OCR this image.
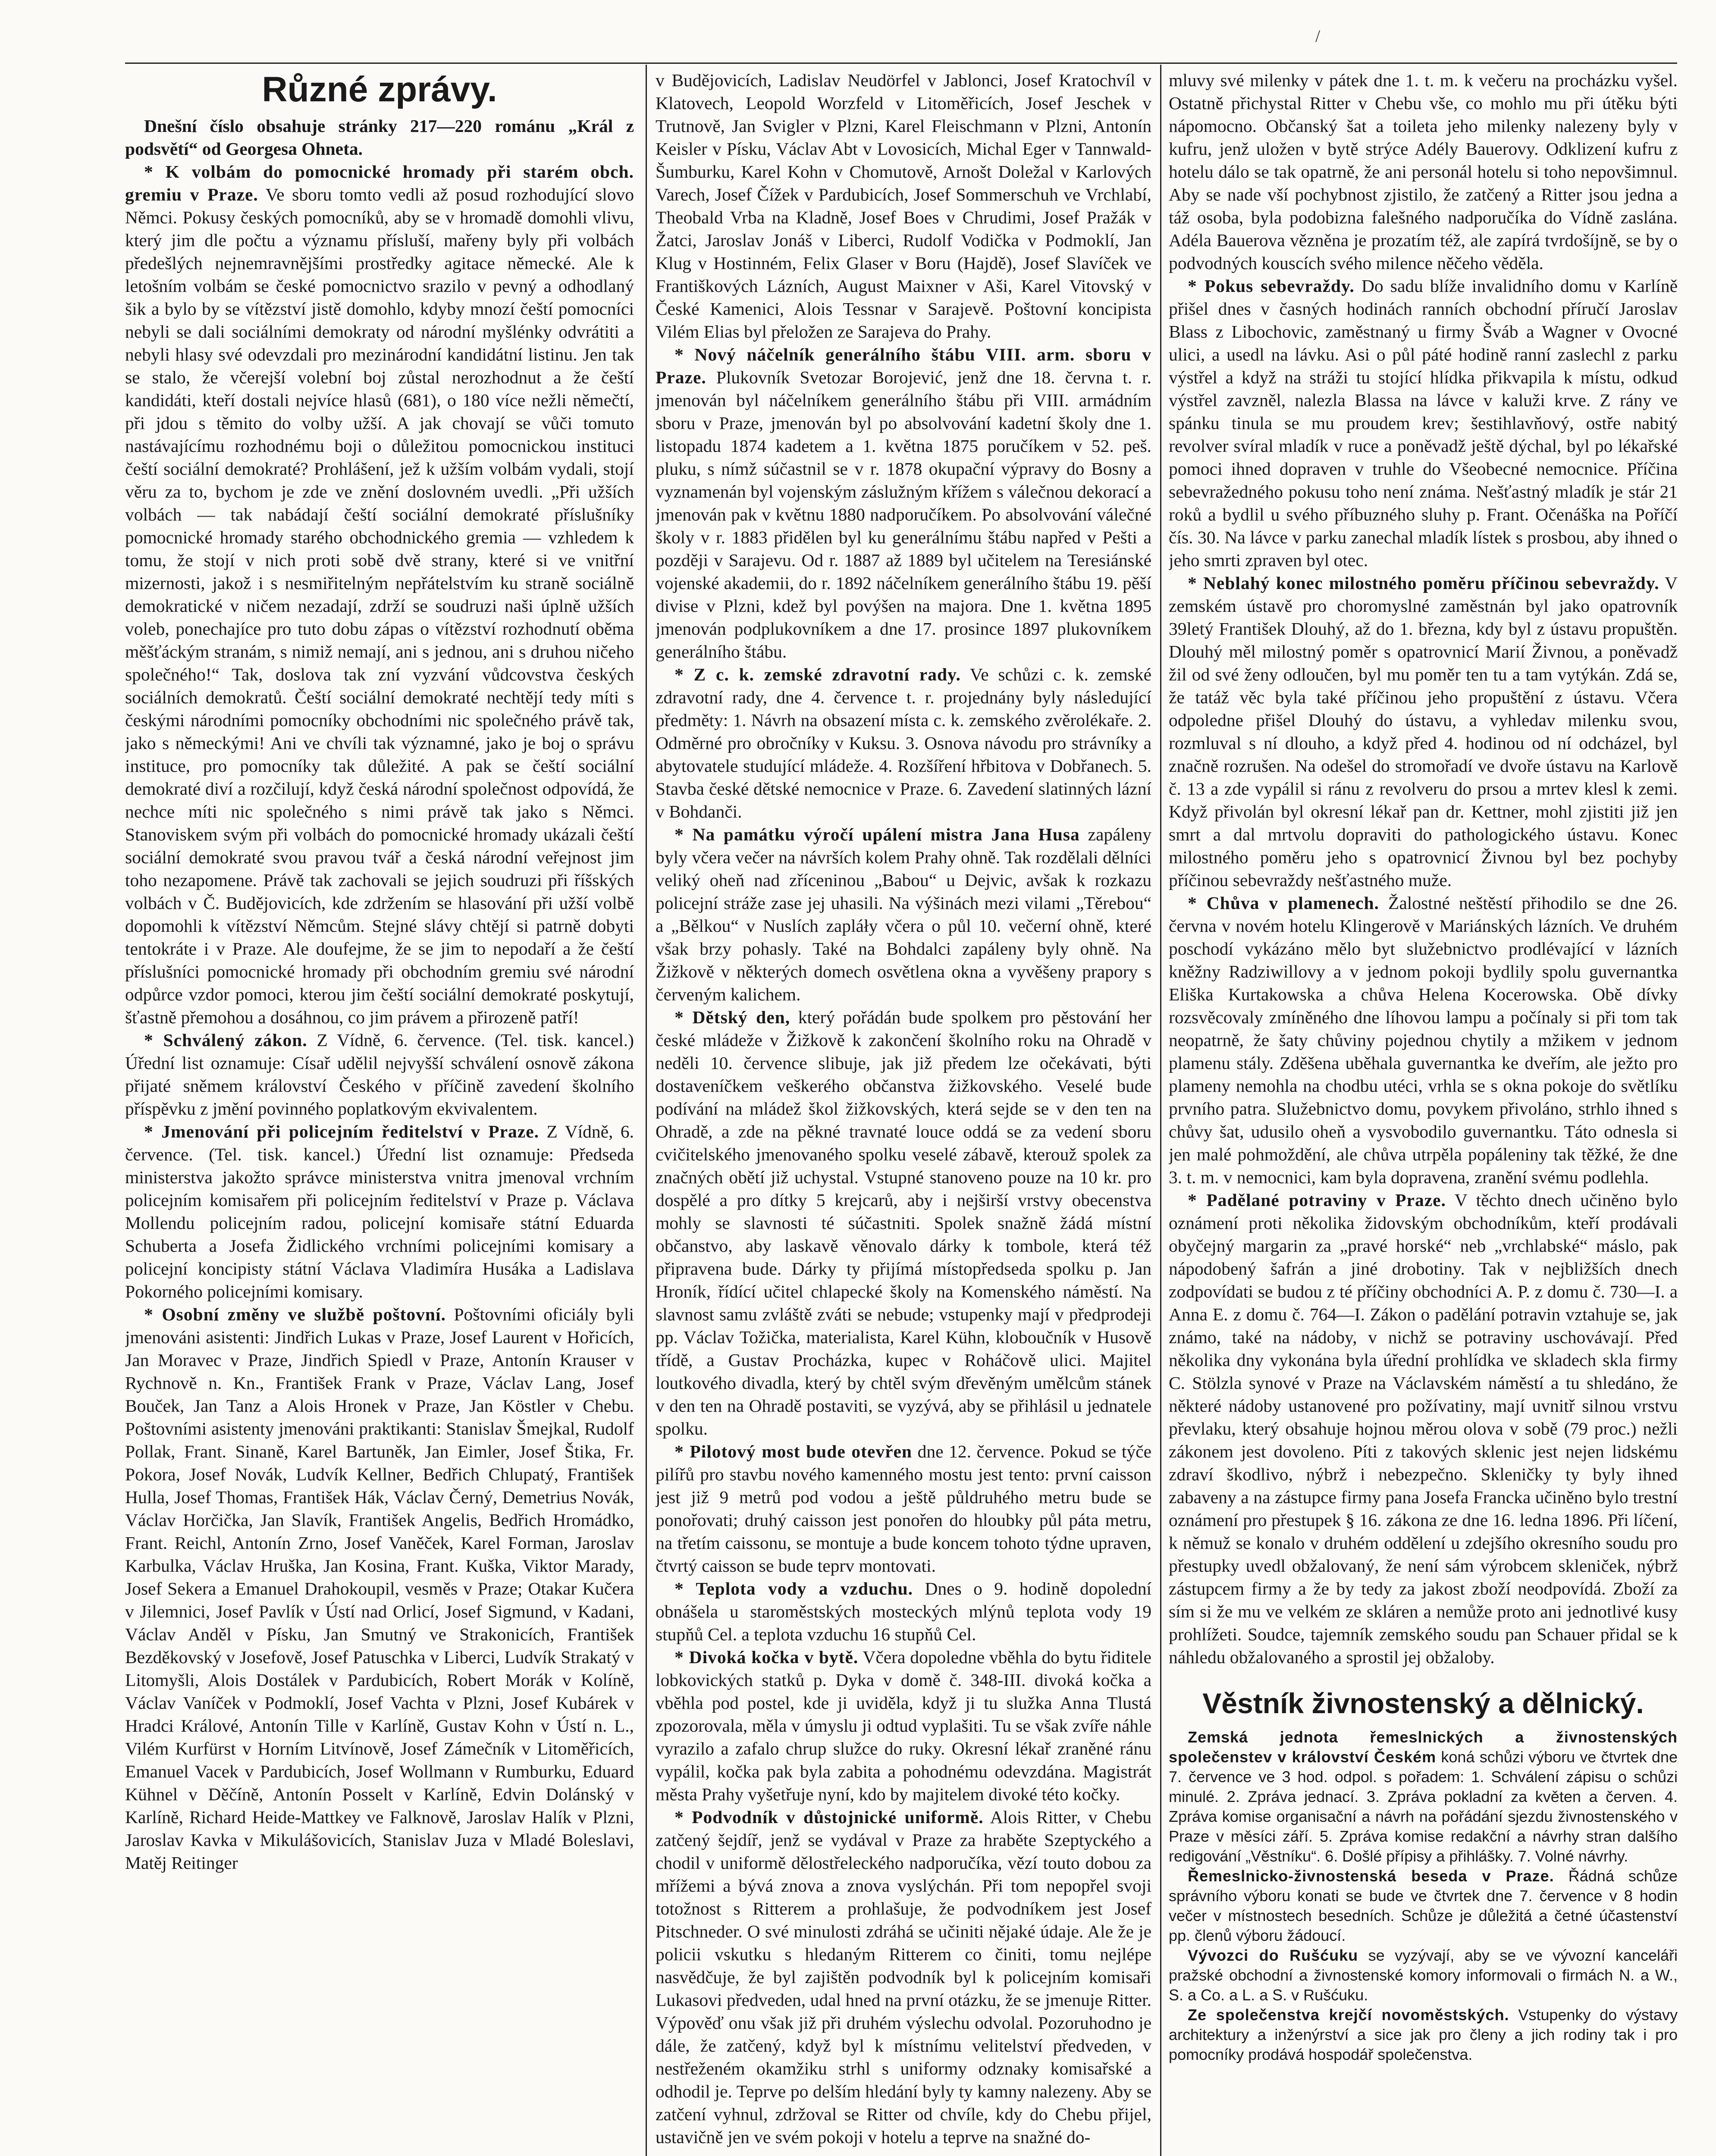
/
Různé zprávy.

Dnešní číslo obsahuje stránky 217—220 románu „Král z podsvětí“ od Georgesa Ohneta.

* K volbám do pomocnické hromady při starém obch. gremiu v Praze. Ve sboru tomto vedli až posud rozhodující slovo Němci. Pokusy českých pomocníků, aby se v hromadě domohli vlivu, který jim dle počtu a významu přísluší, mařeny byly při volbách předešlých nejnemravnějšími prostředky agitace německé. Ale k letošním volbám se české pomocnictvo srazilo v pevný a odhodlaný šik a bylo by se vítězství jistě domohlo, kdyby mnozí čeští pomocníci nebyli se dali sociálními demokraty od národní myšlénky odvrátiti a nebyli hlasy své odevzdali pro mezinárodní kandidátní listinu. Jen tak se stalo, že včerejší volební boj zůstal nerozhodnut a že čeští kandidáti, kteří dostali nejvíce hlasů (681), o 180 více nežli němečtí, při jdou s těmito do volby užší. A jak chovají se vůči tomuto nastávajícímu rozhodnému boji o důležitou pomocnickou instituci čeští sociální demokraté? Prohlášení, jež k užším volbám vydali, stojí věru za to, bychom je zde ve znění doslovném uvedli. „Při užších volbách — tak nabádají čeští sociální demokraté příslušníky pomocnické hromady starého obchodnického gremia — vzhledem k tomu, že stojí v nich proti sobě dvě strany, které si ve vnitřní mizernosti, jakož i s nesmiřitelným nepřátelstvím ku straně sociálně demokratické v ničem nezadají, zdrží se soudruzi naši úplně užších voleb, ponechajíce pro tuto dobu zápas o vítězství rozhodnutí oběma měšťáckým stranám, s nimiž nemají, ani s jednou, ani s druhou ničeho společného!“ Tak, doslova tak zní vyzvání vůdcovstva českých sociálních demokratů. Čeští sociální demokraté nechtějí tedy míti s českými národními pomocníky obchodními nic společného právě tak, jako s německými! Ani ve chvíli tak významné, jako je boj o správu instituce, pro pomocníky tak důležité. A pak se čeští sociální demokraté diví a rozčilují, když česká národní společnost odpovídá, že nechce míti nic společného s nimi právě tak jako s Němci. Stanoviskem svým při volbách do pomocnické hromady ukázali čeští sociální demokraté svou pravou tvář a česká národní veřejnost jim toho nezapomene. Právě tak zachovali se jejich soudruzi při říšských volbách v Č. Budějovicích, kde zdržením se hlasování při užší volbě dopomohli k vítězství Němcům. Stejné slávy chtějí si patrně dobyti tentokráte i v Praze. Ale doufejme, že se jim to nepodaří a že čeští příslušníci pomocnické hromady při obchodním gremiu své národní odpůrce vzdor pomoci, kterou jim čeští sociální demokraté poskytují, šťastně přemohou a dosáhnou, co jim právem a přirozeně patří!

* Schválený zákon. Z Vídně, 6. července. (Tel. tisk. kancel.) Úřední list oznamuje: Císař udělil nejvyšší schválení osnově zákona přijaté sněmem království Českého v příčině zavedení školního příspěvku z jmění povinného poplatkovým ekvivalentem.

* Jmenování při policejním ředitelství v Praze. Z Vídně, 6. července. (Tel. tisk. kancel.) Úřední list oznamuje: Předseda ministerstva jakožto správce ministerstva vnitra jmenoval vrchním policejním komisařem při policejním ředitelství v Praze p. Václava Mollendu policejním radou, policejní komisaře státní Eduarda Schuberta a Josefa Židlického vrchními policejními komisary a policejní koncipisty státní Václava Vladimíra Husáka a Ladislava Pokorného policejními komisary.

* Osobní změny ve službě poštovní. Poštovními oficiály byli jmenováni asistenti: Jindřich Lukas v Praze, Josef Laurent v Hořicích, Jan Moravec v Praze, Jindřich Spiedl v Praze, Antonín Krauser v Rychnově n. Kn., František Frank v Praze, Václav Lang, Josef Bouček, Jan Tanz a Alois Hronek v Praze, Jan Köstler v Chebu. Poštovními asistenty jmenováni praktikanti: Stanislav Šmejkal, Rudolf Pollak, Frant. Sinaně, Karel Bartuněk, Jan Eimler, Josef Štika, Fr. Pokora, Josef Novák, Ludvík Kellner, Bedřich Chlupatý, František Hulla, Josef Thomas, František Hák, Václav Černý, Demetrius Novák, Václav Horčička, Jan Slavík, František Angelis, Bedřich Hromádko, Frant. Reichl, Antonín Zrno, Josef Vaněček, Karel Forman, Jaroslav Karbulka, Václav Hruška, Jan Kosina, Frant. Kuška, Viktor Marady, Josef Sekera a Emanuel Drahokoupil, vesměs v Praze; Otakar Kučera v Jilemnici, Josef Pavlík v Ústí nad Orlicí, Josef Sigmund, v Kadani, Václav Anděl v Písku, Jan Smutný ve Strakonicích, František Bezděkovský v Josefově, Josef Patuschka v Liberci, Ludvík Strakatý v Litomyšli, Alois Dostálek v Pardubicích, Robert Morák v Kolíně, Václav Vaníček v Podmoklí, Josef Vachta v Plzni, Josef Kubárek v Hradci Králové, Antonín Tille v Karlíně, Gustav Kohn v Ústí n. L., Vilém Kurfürst v Horním Litvínově, Josef Zámečník v Litoměřicích, Emanuel Vacek v Pardubicích, Josef Wollmann v Rumburku, Eduard Kühnel v Děčíně, Antonín Posselt v Karlíně, Edvin Dolánský v Karlíně, Richard Heide-Mattkey ve Falknově, Jaroslav Halík v Plzni, Jaroslav Kavka v Mikulášovicích, Stanislav Juza v Mladé Boleslavi, Matěj Reitinger

v Budějovicích, Ladislav Neudörfel v Jablonci, Josef Kratochvíl v Klatovech, Leopold Worzfeld v Litoměřicích, Josef Jeschek v Trutnově, Jan Svigler v Plzni, Karel Fleischmann v Plzni, Antonín Keisler v Písku, Václav Abt v Lovosicích, Michal Eger v Tannwald-Šumburku, Karel Kohn v Chomutově, Arnošt Doležal v Karlových Varech, Josef Čížek v Pardubicích, Josef Sommerschuh ve Vrchlabí, Theobald Vrba na Kladně, Josef Boes v Chrudimi, Josef Pražák v Žatci, Jaroslav Jonáš v Liberci, Rudolf Vodička v Podmoklí, Jan Klug v Hostinném, Felix Glaser v Boru (Hajdě), Josef Slavíček ve Františkových Lázních, August Maixner v Aši, Karel Vitovský v České Kamenici, Alois Tessnar v Sarajevě. Poštovní koncipista Vilém Elias byl přeložen ze Sarajeva do Prahy.

* Nový náčelník generálního štábu VIII. arm. sboru v Praze. Plukovník Svetozar Borojević, jenž dne 18. června t. r. jmenován byl náčelníkem generálního štábu při VIII. armádním sboru v Praze, jmenován byl po absolvování kadetní školy dne 1. listopadu 1874 kadetem a 1. května 1875 poručíkem v 52. peš. pluku, s nímž súčastnil se v r. 1878 okupační výpravy do Bosny a vyznamenán byl vojenským záslužným křížem s válečnou dekorací a jmenován pak v květnu 1880 nadporučíkem. Po absolvování válečné školy v r. 1883 přidělen byl ku generálnímu štábu napřed v Pešti a později v Sarajevu. Od r. 1887 až 1889 byl učitelem na Teresiánské vojenské akademii, do r. 1892 náčelníkem generálního štábu 19. pěší divise v Plzni, kdež byl povýšen na majora. Dne 1. května 1895 jmenován podplukovníkem a dne 17. prosince 1897 plukovníkem generálního štábu.

* Z c. k. zemské zdravotní rady. Ve schůzi c. k. zemské zdravotní rady, dne 4. července t. r. projednány byly následující předměty: 1. Návrh na obsazení místa c. k. zemského zvěrolékaře. 2. Odměrné pro obročníky v Kuksu. 3. Osnova návodu pro strávníky a abytovatele studující mládeže. 4. Rozšíření hřbitova v Dobřanech. 5. Stavba české dětské nemocnice v Praze. 6. Zavedení slatinných lázní v Bohdanči.

* Na památku výročí upálení mistra Jana Husa zapáleny byly včera večer na návrších kolem Prahy ohně. Tak rozdělali dělníci veliký oheň nad zříceninou „Babou“ u Dejvic, avšak k rozkazu policejní stráže zase jej uhasili. Na výšinách mezi vilami „Těrebou“ a „Bělkou“ v Nuslích zapláły včera o půl 10. večerní ohně, které však brzy pohasly. Také na Bohdalci zapáleny byly ohně. Na Žižkově v některých domech osvětlena okna a vyvěšeny prapory s červeným kalichem.

* Dětský den, který pořádán bude spolkem pro pěstování her české mládeže v Žižkově k zakončení školního roku na Ohradě v neděli 10. července slibuje, jak již předem lze očekávati, býti dostaveníčkem veškerého občanstva žižkovského. Veselé bude podívání na mládež škol žižkovských, která sejde se v den ten na Ohradě, a zde na pěkné travnaté louce oddá se za vedení sboru cvičitelského jmenovaného spolku veselé zábavě, kterouž spolek za značných obětí již uchystal. Vstupné stanoveno pouze na 10 kr. pro dospělé a pro dítky 5 krejcarů, aby i nejširší vrstvy obecenstva mohly se slavnosti té súčastniti. Spolek snažně žádá místní občanstvo, aby laskavě věnovalo dárky k tombole, která též připravena bude. Dárky ty přijímá místopředseda spolku p. Jan Hroník, řídící učitel chlapecké školy na Komenského náměstí. Na slavnost samu zvláště zváti se nebude; vstupenky mají v předprodeji pp. Václav Tožička, materialista, Karel Kühn, kloboučník v Husově třídě, a Gustav Procházka, kupec v Roháčově ulici. Majitel loutkového divadla, který by chtěl svým dřevěným umělcům stánek v den ten na Ohradě postaviti, se vyzývá, aby se přihlásil u jednatele spolku.

* Pilotový most bude otevřen dne 12. července. Pokud se týče pilířů pro stavbu nového kamenného mostu jest tento: první caisson jest již 9 metrů pod vodou a ještě půldruhého metru bude se ponořovati; druhý caisson jest ponořen do hloubky půl páta metru, na třetím caissonu, se montuje a bude koncem tohoto týdne upraven, čtvrtý caisson se bude teprv montovati.

* Teplota vody a vzduchu. Dnes o 9. hodině dopolední obnášela u staroměstských mosteckých mlýnů teplota vody 19 stupňů Cel. a teplota vzduchu 16 stupňů Cel.

* Divoká kočka v bytě. Včera dopoledne vběhla do bytu řiditele lobkovických statků p. Dyka v domě č. 348-III. divoká kočka a vběhla pod postel, kde ji uviděla, když ji tu služka Anna Tlustá zpozorovala, měla v úmyslu ji odtud vyplašiti. Tu se však zvíře náhle vyrazilo a zafalo chrup služce do ruky. Okresní lékař zraněné ránu vypálil, kočka pak byla zabita a pohodnému odevzdána. Magistrát města Prahy vyšetřuje nyní, kdo by majitelem divoké této kočky.

* Podvodník v důstojnické uniformě. Alois Ritter, v Chebu zatčený šejdíř, jenž se vydával v Praze za hraběte Szeptyckého a chodil v uniformě dělostřeleckého nadporučíka, vězí touto dobou za mřížemi a bývá znova a znova vyslýchán. Při tom nepopřel svoji totožnost s Ritterem a prohlašuje, že podvodníkem jest Josef Pitschneder. O své minulosti zdráhá se učiniti nějaké údaje. Ale že je policii vskutku s hledaným Ritterem co činiti, tomu nejlépe nasvědčuje, že byl zajištěn podvodník byl k policejním komisaři Lukasovi předveden, udal hned na první otázku, že se jmenuje Ritter. Výpověď onu však již při druhém výslechu odvolal. Pozoruhodno je dále, že zatčený, když byl k místnímu velitelství předveden, v nestřeženém okamžiku strhl s uniformy odznaky komisařské a odhodil je. Teprve po delším hledání byly ty kamny nalezeny. Aby se zatčení vyhnul, zdržoval se Ritter od chvíle, kdy do Chebu přijel, ustavičně jen ve svém pokoji v hotelu a teprve na snažné do-

mluvy své milenky v pátek dne 1. t. m. k večeru na procházku vyšel. Ostatně přichystal Ritter v Chebu vše, co mohlo mu při útěku býti nápomocno. Občanský šat a toileta jeho milenky nalezeny byly v kufru, jenž uložen v bytě strýce Adély Bauerovy. Odklizení kufru z hotelu dálo se tak opatrně, že ani personál hotelu si toho nepovšimnul. Aby se nade vší pochybnost zjistilo, že zatčený a Ritter jsou jedna a táž osoba, byla podobizna falešného nadporučíka do Vídně zaslána. Adéla Bauerova vězněna je prozatím též, ale zapírá tvrdošíjně, se by o podvodných kouscích svého milence něčeho věděla.

* Pokus sebevraždy. Do sadu blíže invalidního domu v Karlíně přišel dnes v časných hodinách ranních obchodní příručí Jaroslav Blass z Libochovic, zaměstnaný u firmy Šváb a Wagner v Ovocné ulici, a usedl na lávku. Asi o půl páté hodině ranní zaslechl z parku výstřel a když na stráži tu stojící hlídka přikvapila k místu, odkud výstřel zavzněl, nalezla Blassa na lávce v kaluži krve. Z rány ve spánku tinula se mu proudem krev; šestihlavňový, ostře nabitý revolver svíral mladík v ruce a poněvadž ještě dýchal, byl po lékařské pomoci ihned dopraven v truhle do Všeobecné nemocnice. Příčina sebevražedného pokusu toho není známa. Nešťastný mladík je stár 21 roků a bydlil u svého příbuzného sluhy p. Frant. Očenáška na Poříčí čís. 30. Na lávce v parku zanechal mladík lístek s prosbou, aby ihned o jeho smrti zpraven byl otec.

* Neblahý konec milostného poměru příčinou sebevraždy. V zemském ústavě pro choromyslné zaměstnán byl jako opatrovník 39letý František Dlouhý, až do 1. března, kdy byl z ústavu propuštěn. Dlouhý měl milostný poměr s opatrovnicí Marií Živnou, a poněvadž žil od své ženy odloučen, byl mu poměr ten tu a tam vytýkán. Zdá se, že tatáž věc byla také příčinou jeho propuštění z ústavu. Včera odpoledne přišel Dlouhý do ústavu, a vyhledav milenku svou, rozmluval s ní dlouho, a když před 4. hodinou od ní odcházel, byl značně rozrušen. Na odešel do stromořadí ve dvoře ústavu na Karlově č. 13 a zde vypálil si ránu z revolveru do prsou a mrtev klesl k zemi. Když přivolán byl okresní lékař pan dr. Kettner, mohl zjistiti již jen smrt a dal mrtvolu dopraviti do pathologického ústavu. Konec milostného poměru jeho s opatrovnicí Živnou byl bez pochyby příčinou sebevraždy nešťastného muže.

* Chůva v plamenech. Žalostné neštěstí přihodilo se dne 26. června v novém hotelu Klingerově v Mariánských lázních. Ve druhém poschodí vykázáno mělo byt služebnictvo prodlévající v lázních kněžny Radziwillovy a v jednom pokoji bydlily spolu guvernantka Eliška Kurtakowska a chůva Helena Kocerowska. Obě dívky rozsvěcovaly zmíněného dne líhovou lampu a počínaly si při tom tak neopatrně, že šaty chůviny pojednou chytily a mžikem v jednom plamenu stály. Zděšena uběhala guvernantka ke dveřím, ale ježto pro plameny nemohla na chodbu utéci, vrhla se s okna pokoje do světlíku prvního patra. Služebnictvo domu, povykem přivoláno, strhlo ihned s chůvy šat, udusilo oheň a vysvobodilo guvernantku. Táto odnesla si jen malé pohmoždění, ale chůva utrpěla popáleniny tak těžké, že dne 3. t. m. v nemocnici, kam byla dopravena, zranění svému podlehla.

* Padělané potraviny v Praze. V těchto dnech učiněno bylo oznámení proti několika židovským obchodníkům, kteří prodávali obyčejný margarin za „pravé horské“ neb „vrchlabské“ máslo, pak nápodobený šafrán a jiné drobotiny. Tak v nejbližších dnech zodpovídati se budou z té příčiny obchodníci A. P. z domu č. 730—I. a Anna E. z domu č. 764—I. Zákon o padělání potravin vztahuje se, jak známo, také na nádoby, v nichž se potraviny uschovávají. Před několika dny vykonána byla úřední prohlídka ve skladech skla firmy C. Stölzla synové v Praze na Václavském náměstí a tu shledáno, že některé nádoby ustanovené pro požívatiny, mají uvnitř silnou vrstvu převlaku, který obsahuje hojnou měrou olova v sobě (79 proc.) nežli zákonem jest dovoleno. Píti z takových sklenic jest nejen lidskému zdraví škodlivo, nýbrž i nebezpečno. Skleničky ty byly ihned zabaveny a na zástupce firmy pana Josefa Francka učiněno bylo trestní oznámení pro přestupek § 16. zákona ze dne 16. ledna 1896. Při líčení, k němuž se konalo v druhém oddělení u zdejšího okresního soudu pro přestupky uvedl obžalovaný, že není sám výrobcem skleniček, nýbrž zástupcem firmy a že by tedy za jakost zboží neodpovídá. Zboží za sím si že mu ve velkém ze skláren a nemůže proto ani jednotlivé kusy prohlížeti. Soudce, tajemník zemského soudu pan Schauer přidal se k náhledu obžalovaného a sprostil jej obžaloby.

Věstník živnostenský a dělnický.

Zemská jednota řemeslnických a živnostenských společenstev v království Českém koná schůzi výboru ve čtvrtek dne 7. července ve 3 hod. odpol. s pořadem: 1. Schválení zápisu o schůzi minulé. 2. Zpráva jednací. 3. Zpráva pokladní za květen a červen. 4. Zpráva komise organisační a návrh na pořádání sjezdu živnostenského v Praze v měsíci září. 5. Zpráva komise redakční a návrhy stran dalšího redigování „Věstníku“. 6. Došlé přípisy a přihlášky. 7. Volné návrhy.

Řemeslnicko-živnostenská beseda v Praze. Řádná schůze správního výboru konati se bude ve čtvrtek dne 7. července v 8 hodin večer v místnostech besedních. Schůze je důležitá a četné účastenství pp. členů výboru žádoucí.

Vývozci do Rušćuku se vyzývají, aby se ve vývozní kanceláři pražské obchodní a živnostenské komory informovali o firmách N. a W., S. a Co. a L. a S. v Rušćuku.

Ze společenstva krejčí novoměstských. Vstupenky do výstavy architektury a inženýrství a sice jak pro členy a jich rodiny tak i pro pomocníky prodává hospodář společenstva.
